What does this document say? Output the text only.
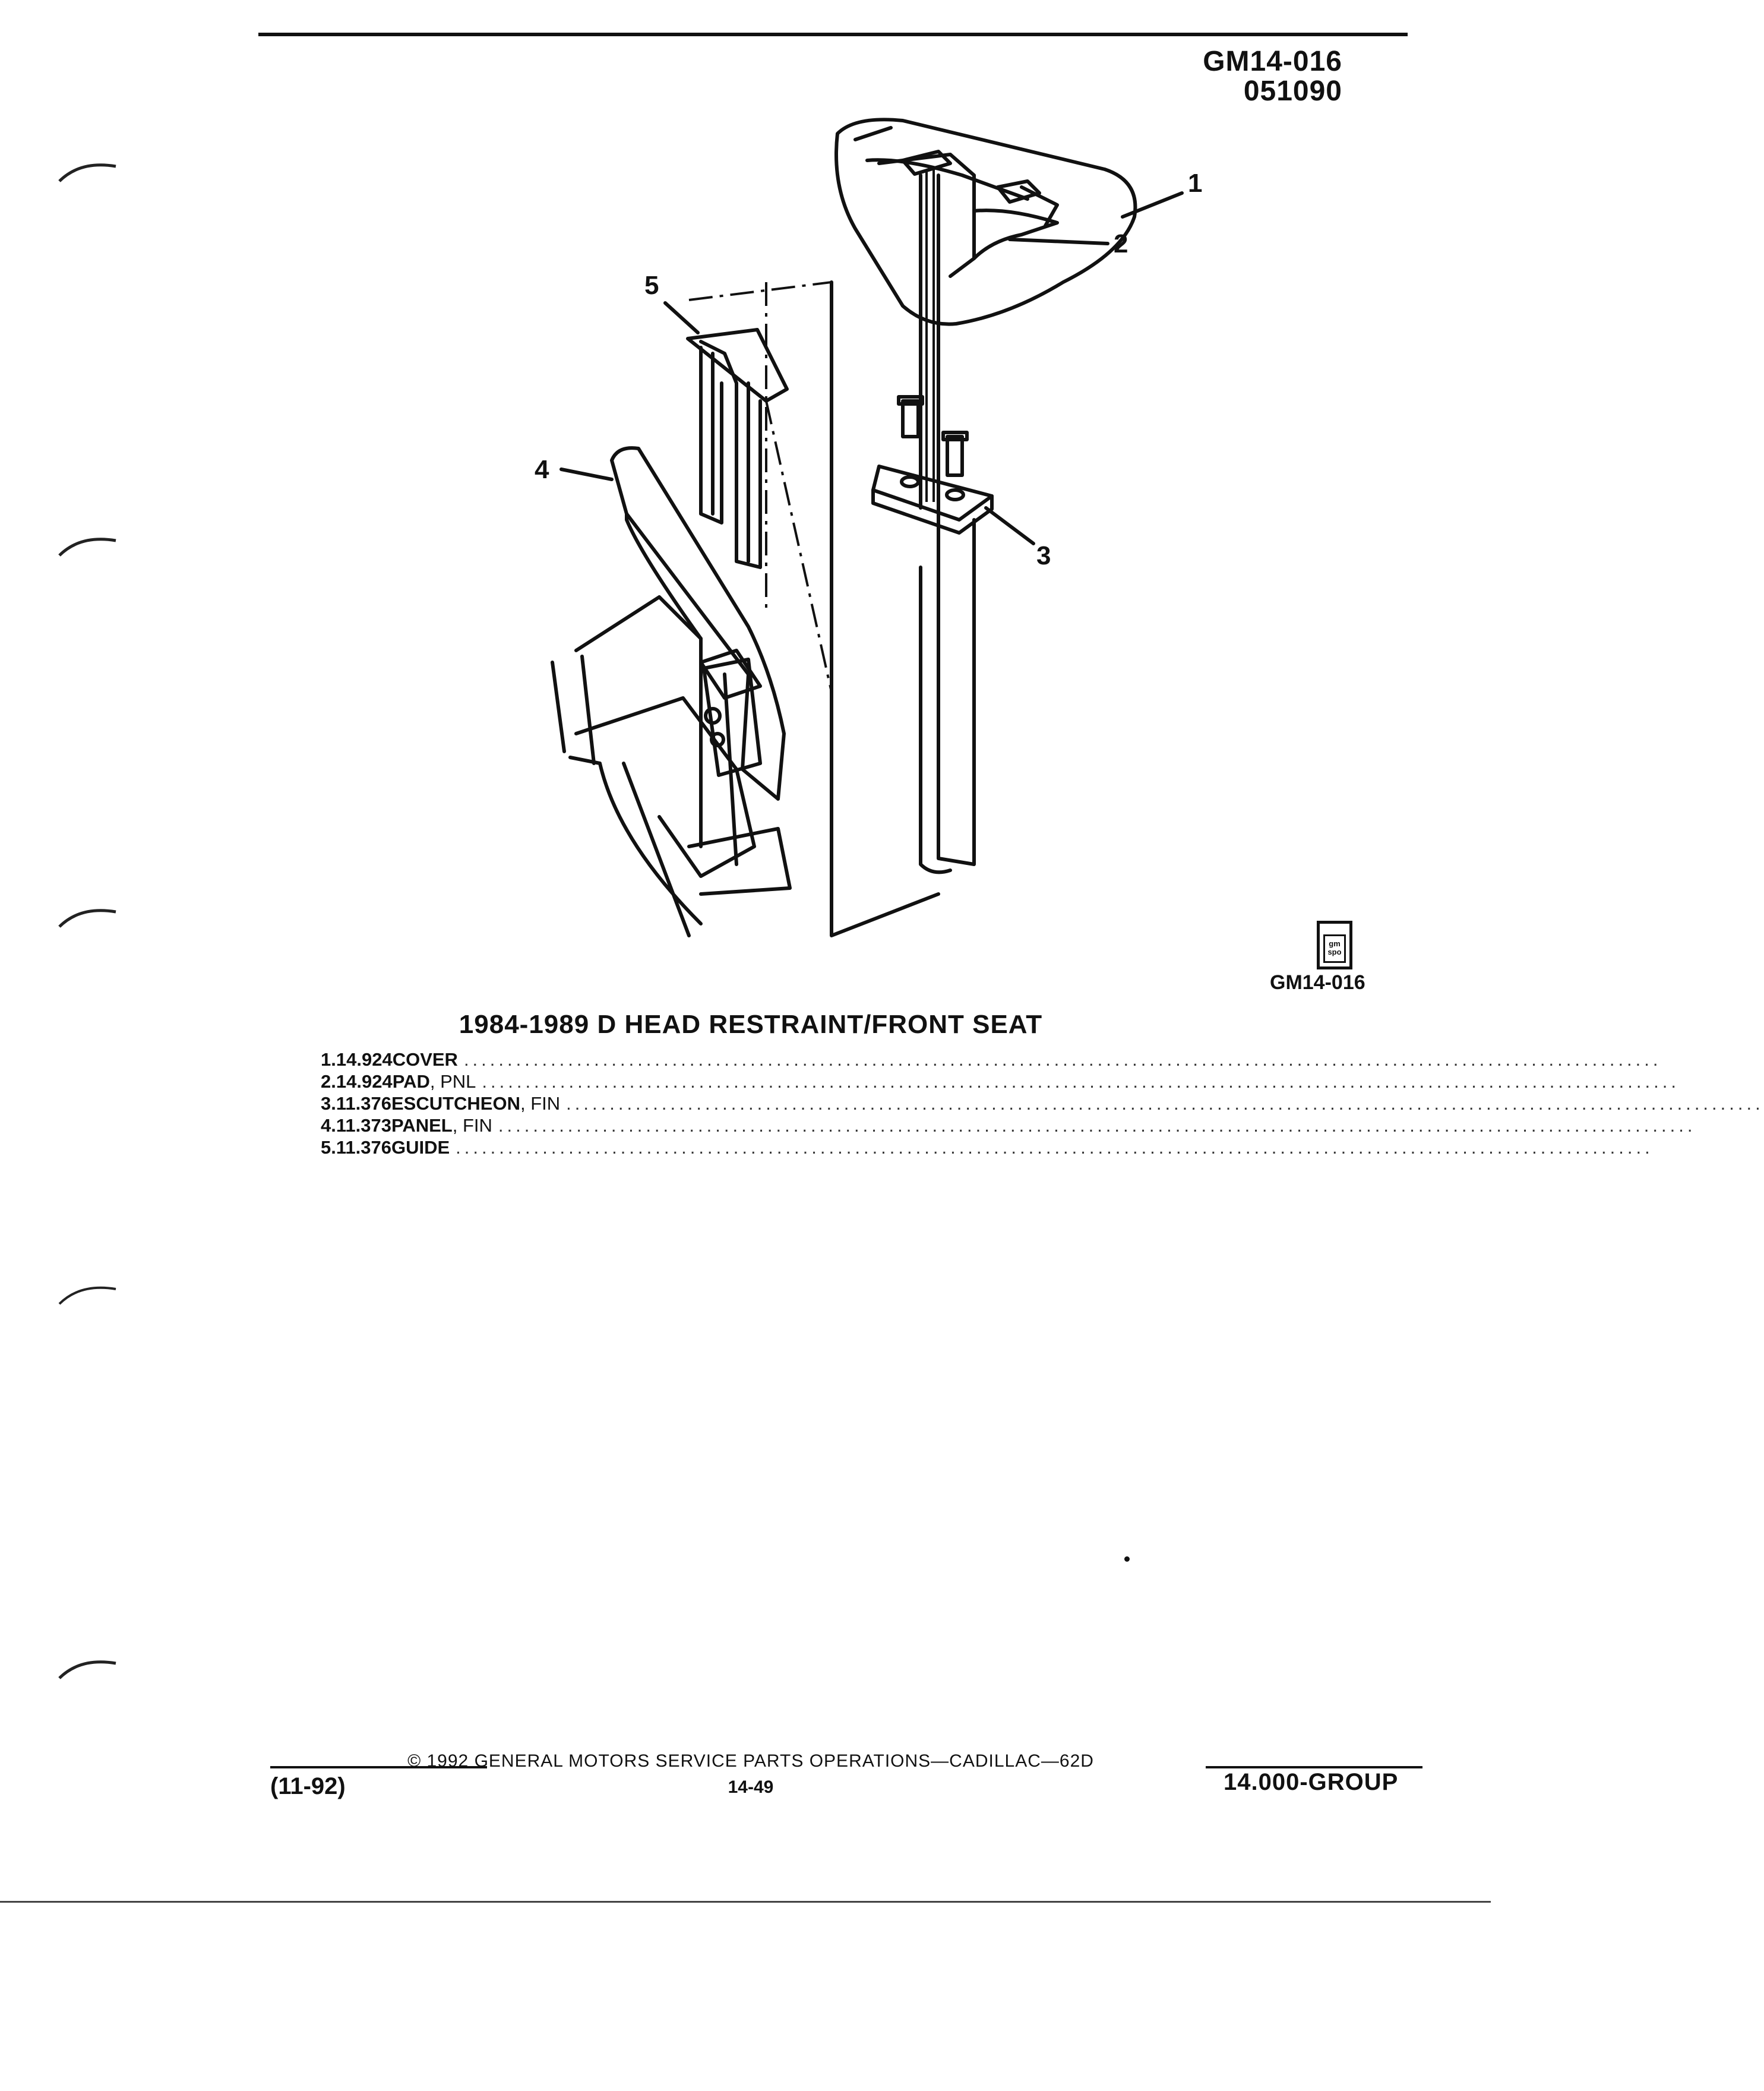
GM14-016
051090
1
2
3
4
5
gm
spo
GM14-016
1984-1989 D HEAD RESTRAINT/FRONT SEAT
1. 14.924 COVER ..........................................................................................................................................
2. 14.924 PAD , PNL ..........................................................................................................................................
3. 11.376 ESCUTCHEON , FIN ..........................................................................................................................................
4. 11.373 PANEL , FIN ..........................................................................................................................................
5. 11.376 GUIDE ..........................................................................................................................................
© 1992 GENERAL MOTORS SERVICE PARTS OPERATIONS—CADILLAC—62D
14-49
(11-92)	14.000-GROUP
